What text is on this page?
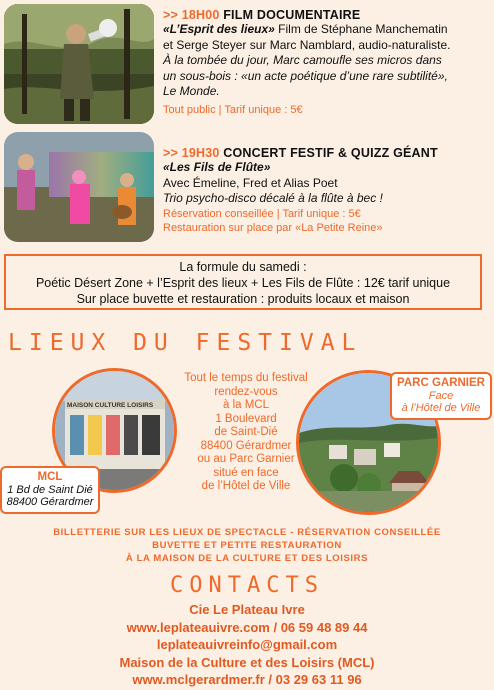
>> 18H00 FILM DOCUMENTAIRE

«L’Esprit des lieux» Film de Stéphane Manchematin

et Serge Steyer sur Marc Namblard, audio-naturaliste.

À la tombée du jour, Marc camoufle ses micros dans

un sous-bois : «un acte poétique d’une rare subtilité»,

Le Monde.

Tout public | Tarif unique : 5€

>> 19H30 CONCERT FESTIF & QUIZZ GÉANT

«Les Fils de Flûte»

Avec Émeline, Fred et Alias Poet

Trio psycho-disco décalé à la flûte à bec !

Réservation conseillée | Tarif unique : 5€

Restauration sur place par «La Petite Reine»

La formule du samedi :
Poétic Désert Zone + l’Esprit des lieux + Les Fils de Flûte : 12€ tarif unique
Sur place buvette et restauration : produits locaux et maison
LIEUX DU FESTIVAL
MAISON CULTURE LOISIRS
Tout le temps du festival
rendez-vous
à la MCL
1 Boulevard
de Saint-Dié
88400 Gérardmer
ou au Parc Garnier
situé en face
de l’Hôtel de Ville
MCL
1 Bd de Saint Dié
88400 Gérardmer
PARC GARNIER
Face
à l’Hôtel de Ville
BILLETTERIE SUR LES LIEUX DE SPECTACLE - RÉSERVATION CONSEILLÉE
BUVETTE ET PETITE RESTAURATION
À LA MAISON DE LA CULTURE ET DES LOISIRS
CONTACTS
Cie Le Plateau Ivre
www.leplateauivre.com / 06 59 48 89 44
leplateauivreinfo@gmail.com
Maison de la Culture et des Loisirs (MCL)
www.mclgerardmer.fr / 03 29 63 11 96
